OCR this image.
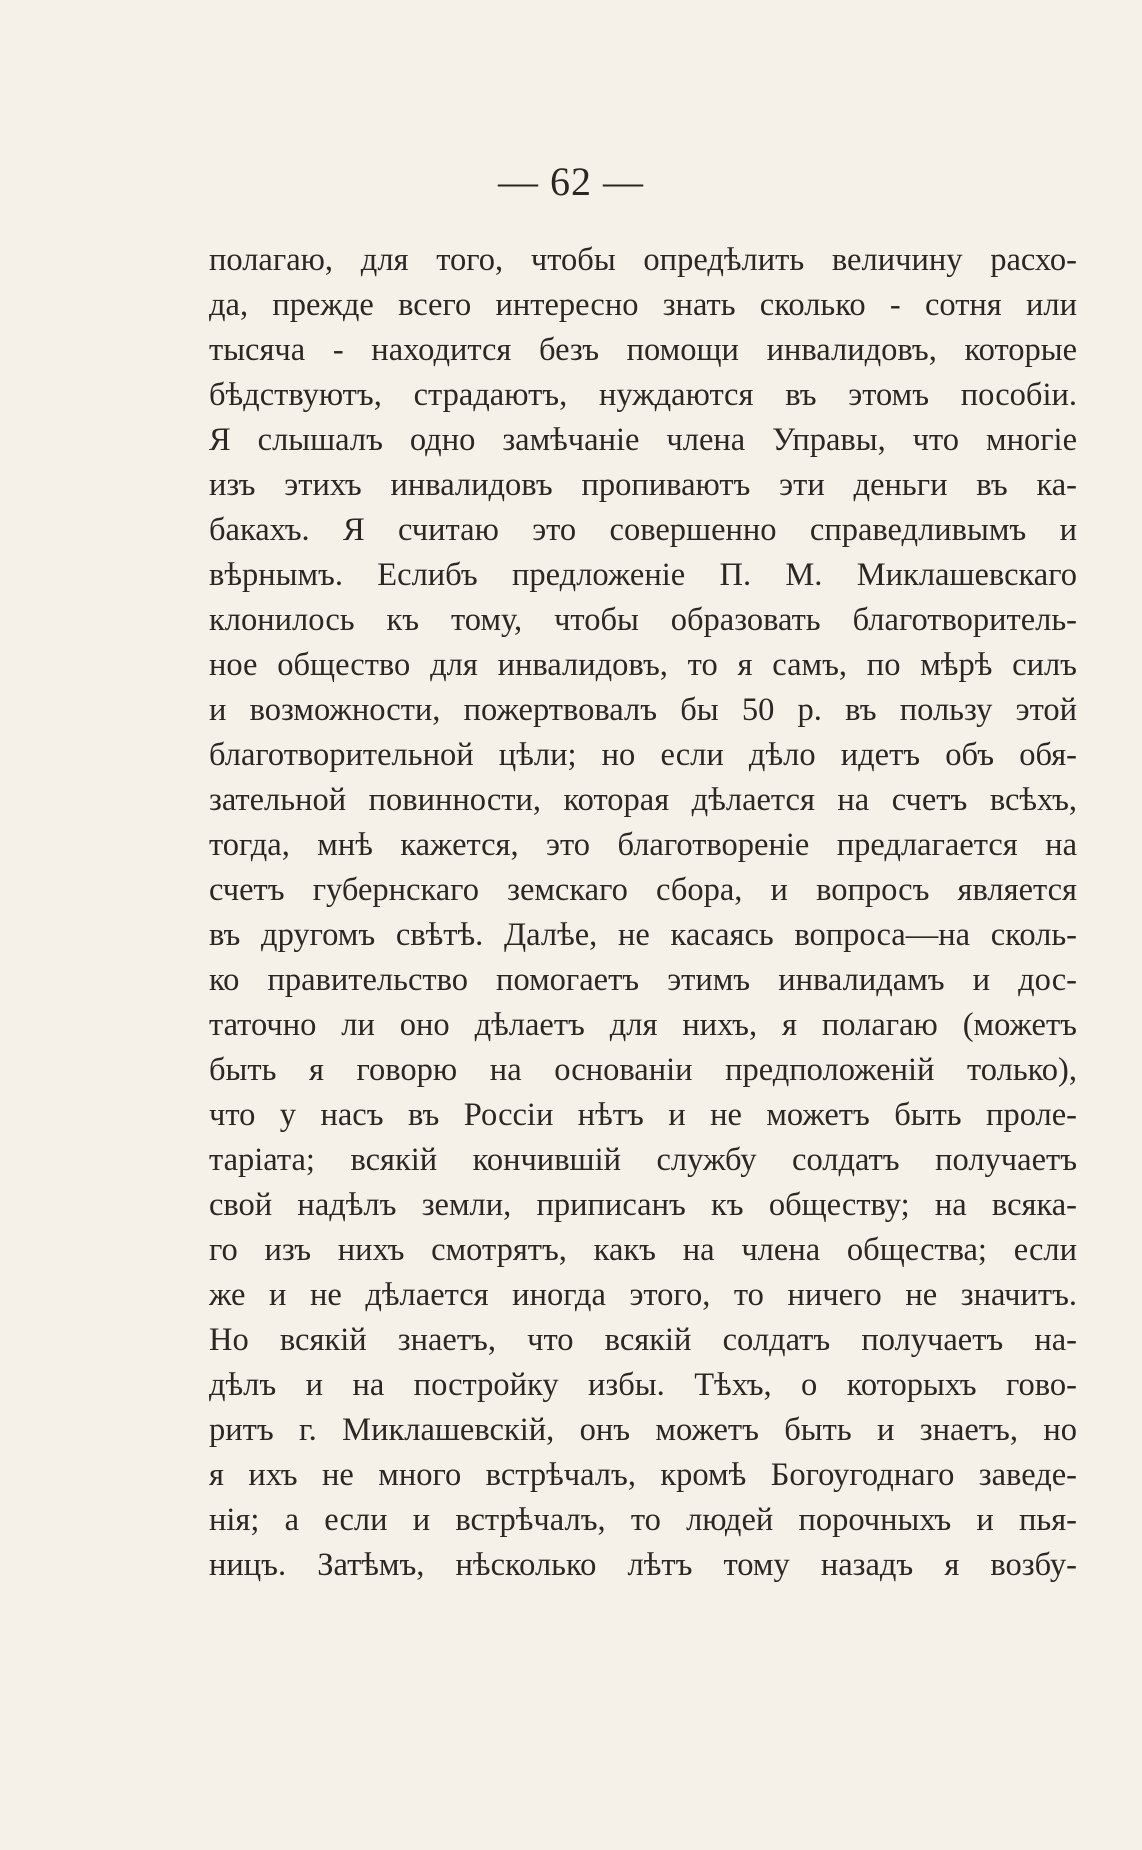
— 62 —
полагаю, для того, чтобы опредѣлить величину расхо-
да, прежде всего интересно знать сколько - сотня или
тысяча - находится безъ помощи инвалидовъ, которые
бѣдствуютъ, страдаютъ, нуждаются въ этомъ пособіи.
Я слышалъ одно замѣчаніе члена Управы, что многіе
изъ этихъ инвалидовъ пропиваютъ эти деньги въ ка-
бакахъ. Я считаю это совершенно справедливымъ и
вѣрнымъ. Еслибъ предложеніе П. М. Миклашевскаго
клонилось къ тому, чтобы образовать благотворитель-
ное общество для инвалидовъ, то я самъ, по мѣрѣ силъ
и возможности, пожертвовалъ бы 50 р. въ пользу этой
благотворительной цѣли; но если дѣло идетъ объ обя-
зательной повинности, которая дѣлается на счетъ всѣхъ,
тогда, мнѣ кажется, это благотвореніе предлагается на
счетъ губернскаго земскаго сбора, и вопросъ является
въ другомъ свѣтѣ. Далѣе, не касаясь вопроса—на сколь-
ко правительство помогаетъ этимъ инвалидамъ и дос-
таточно ли оно дѣлаетъ для нихъ, я полагаю (можетъ
быть я говорю на основаніи предположеній только),
что у насъ въ Россіи нѣтъ и не можетъ быть проле-
таріата; всякій кончившій службу солдатъ получаетъ
свой надѣлъ земли, приписанъ къ обществу; на всяка-
го изъ нихъ смотрятъ, какъ на члена общества; если
же и не дѣлается иногда этого, то ничего не значитъ.
Но всякій знаетъ, что всякій солдатъ получаетъ на-
дѣлъ и на постройку избы. Тѣхъ, о которыхъ гово-
ритъ г. Миклашевскій, онъ можетъ быть и знаетъ, но
я ихъ не много встрѣчалъ, кромѣ Богоугоднаго заведе-
нія; а если и встрѣчалъ, то людей порочныхъ и пья-
ницъ. Затѣмъ, нѣсколько лѣтъ тому назадъ я возбу-
